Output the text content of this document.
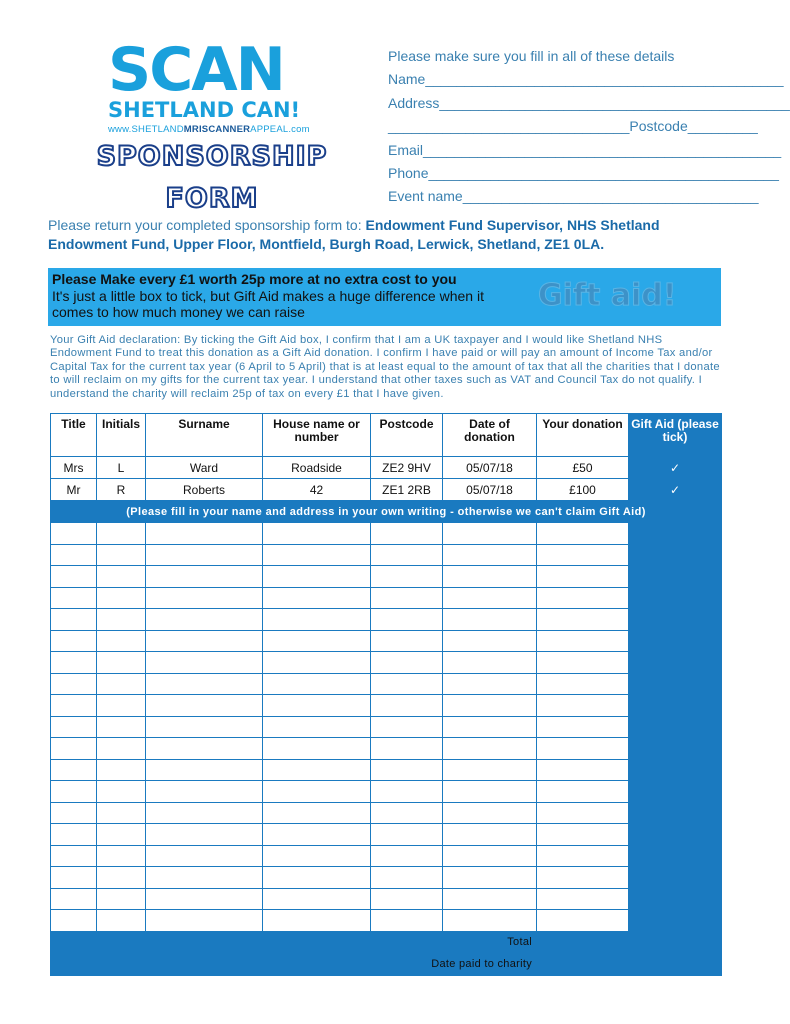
SCAN
SHETLAND CAN!
www.SHETLANDMRISCANNERAPPEAL.com
SPONSORSHIP
FORM
Please make sure you fill in all of these details
Name______________________________________________
Address_____________________________________________
_______________________________Postcode_________
Email______________________________________________
Phone_____________________________________________
Event name______________________________________
Please return your completed sponsorship form to: Endowment Fund Supervisor, NHS Shetland Endowment Fund, Upper Floor, Montfield, Burgh Road, Lerwick, Shetland, ZE1 0LA.
Please Make every £1 worth 25p more at no extra cost to you
It's just a little box to tick, but Gift Aid makes a huge difference when it comes to how much money we can raise	Gift aid!
Your Gift Aid declaration: By ticking the Gift Aid box, I confirm that I am a UK taxpayer and I would like Shetland NHS Endowment Fund to treat this donation as a Gift Aid donation. I confirm I have paid or will pay an amount of Income Tax and/or Capital Tax for the current tax year (6 April to 5 April) that is at least equal to the amount of tax that all the charities that I donate to will reclaim on my gifts for the current tax year. I understand that other taxes such as VAT and Council Tax do not qualify. I understand the charity will reclaim 25p of tax on every £1 that I have given.
Title	Initials	Surname	House name or number	Postcode	Date of donation	Your donation	Gift Aid (please tick)
Mrs	L	Ward	Roadside	ZE2 9HV	05/07/18	£50	✓
Mr	R	Roberts	42	ZE1 2RB	05/07/18	£100	✓
(Please fill in your name and address in your own writing - otherwise we can't claim Gift Aid)							

Total							
Date paid to charity							
